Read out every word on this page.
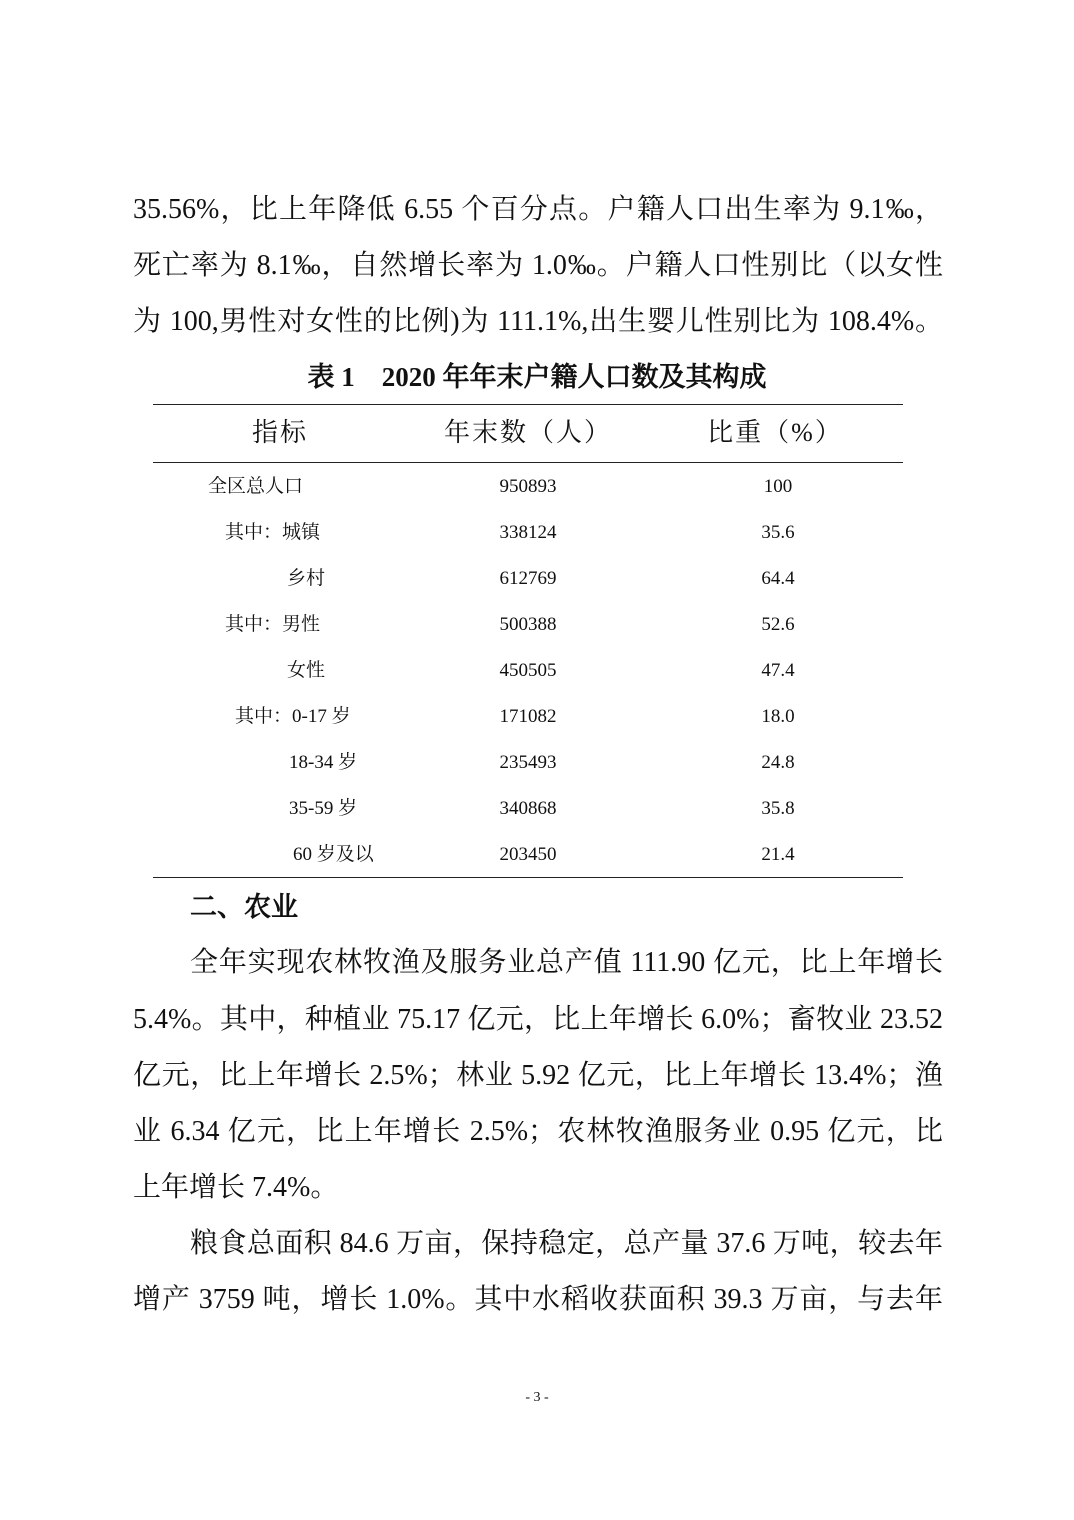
35.56%，比上年降低 6.55 个百分点。户籍人口出生率为 9.1‰，
死亡率为 8.1‰，自然增长率为 1.0‰。户籍人口性别比（以女性
为 100,男性对女性的比例)为 111.1%,出生婴儿性别比为 108.4%。
表 1　2020 年年末户籍人口数及其构成
指标	年末数（人）	比重（%）
全区总人口	950893	100
其中：城镇	338124	35.6
乡村	612769	64.4
其中：男性	500388	52.6
女性	450505	47.4
其中：0-17 岁	171082	18.0
18-34 岁	235493	24.8
35-59 岁	340868	35.8
60 岁及以	203450	21.4
二、农业
全年实现农林牧渔及服务业总产值 111.90 亿元，比上年增长
5.4%。其中，种植业 75.17 亿元，比上年增长 6.0%；畜牧业 23.52
亿元，比上年增长 2.5%；林业 5.92 亿元，比上年增长 13.4%；渔
业 6.34 亿元，比上年增长 2.5%；农林牧渔服务业 0.95 亿元，比
上年增长 7.4%。
粮食总面积 84.6 万亩，保持稳定，总产量 37.6 万吨，较去年
增产 3759 吨，增长 1.0%。其中水稻收获面积 39.3 万亩，与去年
- 3 -
